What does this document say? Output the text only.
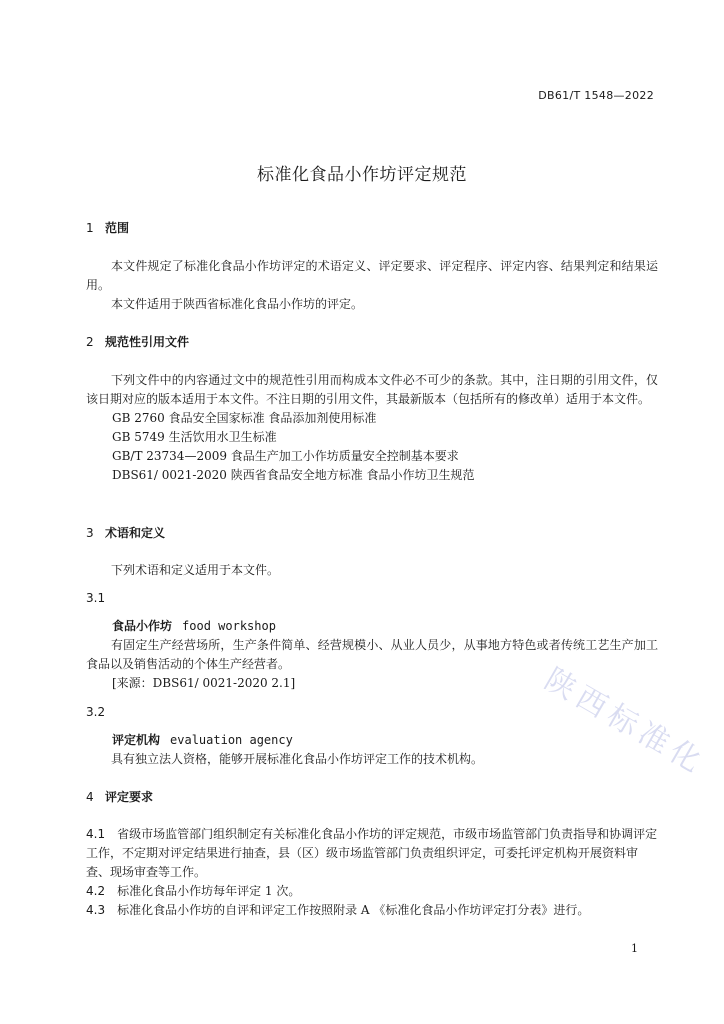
DB61/T 1548—2022
标准化食品小作坊评定规范
1 范围
本文件规定了标准化食品小作坊评定的术语定义、评定要求、评定程序、评定内容、结果判定和结果运用。
本文件适用于陕西省标准化食品小作坊的评定。
2 规范性引用文件
下列文件中的内容通过文中的规范性引用而构成本文件必不可少的条款。其中，注日期的引用文件，仅该日期对应的版本适用于本文件。不注日期的引用文件，其最新版本（包括所有的修改单）适用于本文件。
GB 2760 食品安全国家标准 食品添加剂使用标准
GB 5749 生活饮用水卫生标准
GB/T 23734—2009 食品生产加工小作坊质量安全控制基本要求
DBS61/ 0021-2020 陕西省食品安全地方标准 食品小作坊卫生规范
3 术语和定义
下列术语和定义适用于本文件。
3.1
食品小作坊 food workshop
有固定生产经营场所，生产条件简单、经营规模小、从业人员少，从事地方特色或者传统工艺生产加工食品以及销售活动的个体生产经营者。
[来源：DBS61/ 0021-2020 2.1]
3.2
评定机构 evaluation agency
具有独立法人资格，能够开展标准化食品小作坊评定工作的技术机构。
4 评定要求
4.1 省级市场监管部门组织制定有关标准化食品小作坊的评定规范，市级市场监管部门负责指导和协调评定工作，不定期对评定结果进行抽查，县（区）级市场监管部门负责组织评定，可委托评定机构开展资料审查、现场审查等工作。
4.2 标准化食品小作坊每年评定 1 次。
4.3 标准化食品小作坊的自评和评定工作按照附录 A 《标准化食品小作坊评定打分表》进行。
1
陕西标准化
